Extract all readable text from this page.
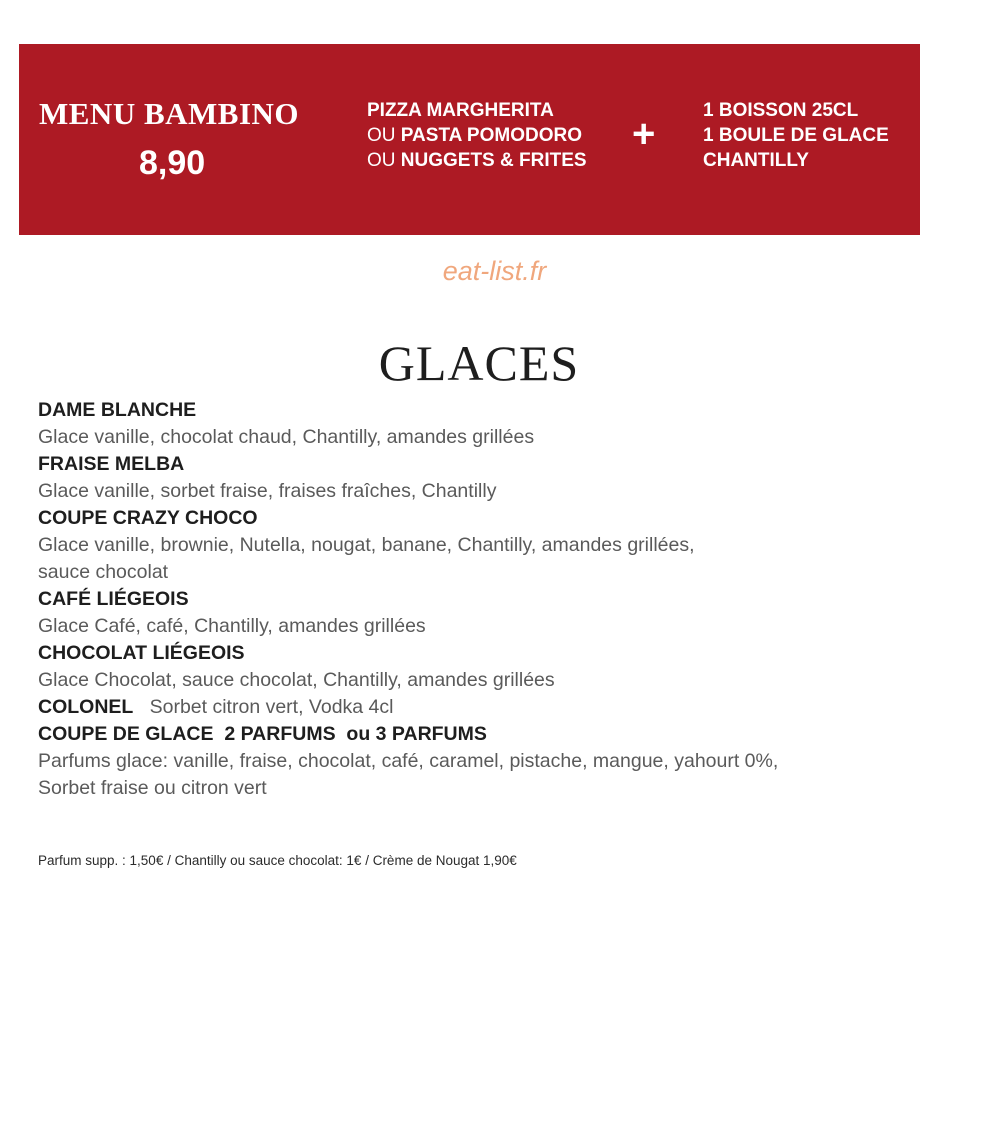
MENU BAMBINO
8,90
PIZZA MARGHERITA
OU PASTA POMODORO
OU NUGGETS & FRITES
+
1 BOISSON 25CL
1 BOULE DE GLACE
CHANTILLY
eat-list.fr
GLACES
DAME BLANCHE
Glace vanille, chocolat chaud, Chantilly, amandes grillées
FRAISE MELBA
Glace vanille, sorbet fraise, fraises fraîches, Chantilly
COUPE CRAZY CHOCO
Glace vanille, brownie, Nutella, nougat, banane, Chantilly, amandes grillées,
sauce chocolat
CAFÉ LIÉGEOIS
Glace Café, café, Chantilly, amandes grillées
CHOCOLAT LIÉGEOIS
Glace Chocolat, sauce chocolat, Chantilly, amandes grillées
COLONEL Sorbet citron vert, Vodka 4cl
COUPE DE GLACE  2 PARFUMS  ou 3 PARFUMS
Parfums glace: vanille, fraise, chocolat, café, caramel, pistache, mangue, yahourt 0%,
Sorbet fraise ou citron vert
Parfum supp. : 1,50€ / Chantilly ou sauce chocolat: 1€ / Crème de Nougat 1,90€
